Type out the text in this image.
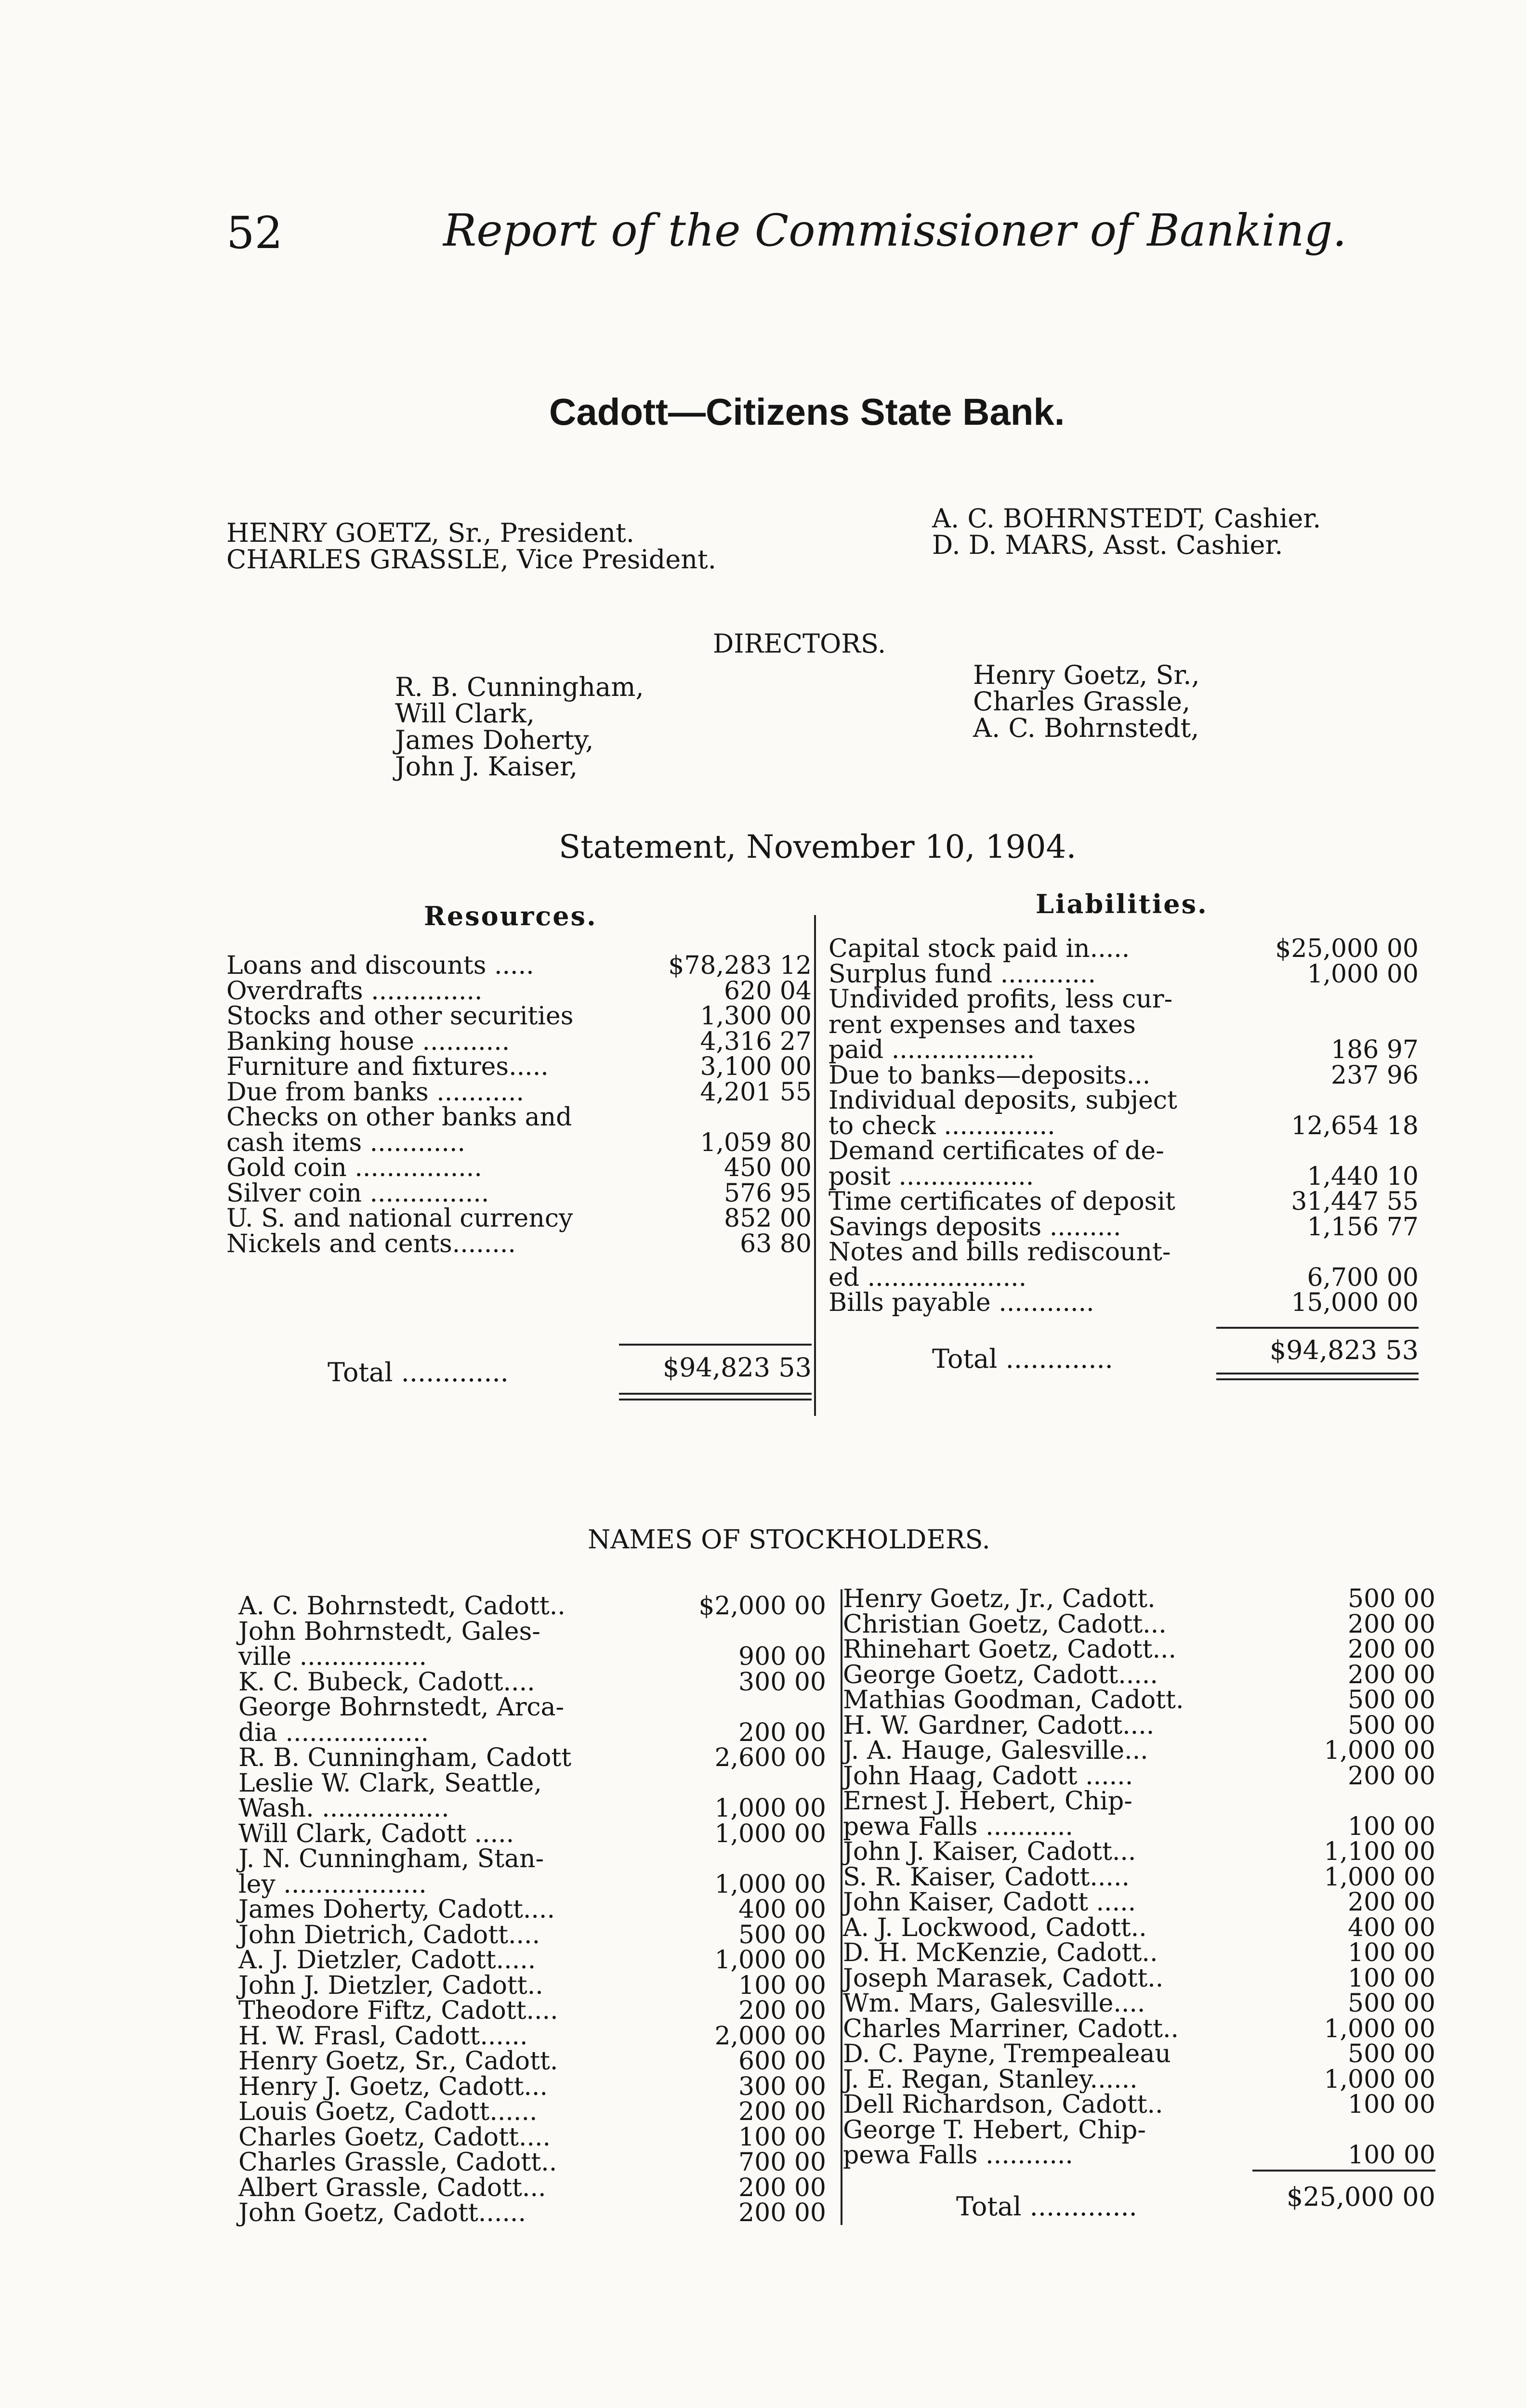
52	Report of the Commissioner of Banking.
Cadott—Citizens State Bank.
HENRY GOETZ, Sr., President.
CHARLES GRASSLE, Vice President.
A. C. BOHRNSTEDT, Cashier.
D. D. MARS, Asst. Cashier.
DIRECTORS.
R. B. Cunningham,
Will Clark,
James Doherty,
John J. Kaiser,
Henry Goetz, Sr.,
Charles Grassle,
A. C. Bohrnstedt,
Statement, November 10, 1904.
Resources.	Liabilities.
Loans and discounts .....	$78,283 12
Overdrafts ..............	620 04
Stocks and other securities	1,300 00
Banking house ...........	4,316 27
Furniture and fixtures.....	3,100 00
Due from banks ...........	4,201 55
Checks on other banks and
cash items ............	1,059 80
Gold coin ................	450 00
Silver coin ...............	576 95
U. S. and national currency	852 00
Nickels and cents........	63 80
Capital stock paid in.....	$25,000 00
Surplus fund ............	1,000 00
Undivided profits, less cur-
rent expenses and taxes
paid ..................	186 97
Due to banks—deposits...	237 96
Individual deposits, subject
to check ..............	12,654 18
Demand certificates of de-
posit .................	1,440 10
Time certificates of deposit	31,447 55
Savings deposits .........	1,156 77
Notes and bills rediscount-
ed ....................	6,700 00
Bills payable ............	15,000 00
Total .............	$94,823 53	Total .............	$94,823 53
NAMES OF STOCKHOLDERS.
A. C. Bohrnstedt, Cadott..	$2,000 00
John Bohrnstedt, Gales-
ville ................	900 00
K. C. Bubeck, Cadott....	300 00
George Bohrnstedt, Arca-
dia ..................	200 00
R. B. Cunningham, Cadott	2,600 00
Leslie W. Clark, Seattle,
Wash. ................	1,000 00
Will Clark, Cadott .....	1,000 00
J. N. Cunningham, Stan-
ley ..................	1,000 00
James Doherty, Cadott....	400 00
John Dietrich, Cadott....	500 00
A. J. Dietzler, Cadott.....	1,000 00
John J. Dietzler, Cadott..	100 00
Theodore Fiftz, Cadott....	200 00
H. W. Frasl, Cadott......	2,000 00
Henry Goetz, Sr., Cadott.	600 00
Henry J. Goetz, Cadott...	300 00
Louis Goetz, Cadott......	200 00
Charles Goetz, Cadott....	100 00
Charles Grassle, Cadott..	700 00
Albert Grassle, Cadott...	200 00
John Goetz, Cadott......	200 00
Henry Goetz, Jr., Cadott.	500 00
Christian Goetz, Cadott...	200 00
Rhinehart Goetz, Cadott...	200 00
George Goetz, Cadott.....	200 00
Mathias Goodman, Cadott.	500 00
H. W. Gardner, Cadott....	500 00
J. A. Hauge, Galesville...	1,000 00
John Haag, Cadott ......	200 00
Ernest J. Hebert, Chip-
pewa Falls ...........	100 00
John J. Kaiser, Cadott...	1,100 00
S. R. Kaiser, Cadott.....	1,000 00
John Kaiser, Cadott .....	200 00
A. J. Lockwood, Cadott..	400 00
D. H. McKenzie, Cadott..	100 00
Joseph Marasek, Cadott..	100 00
Wm. Mars, Galesville....	500 00
Charles Marriner, Cadott..	1,000 00
D. C. Payne, Trempealeau	500 00
J. E. Regan, Stanley......	1,000 00
Dell Richardson, Cadott..	100 00
George T. Hebert, Chip-
pewa Falls ...........	100 00
Total .............	$25,000 00
